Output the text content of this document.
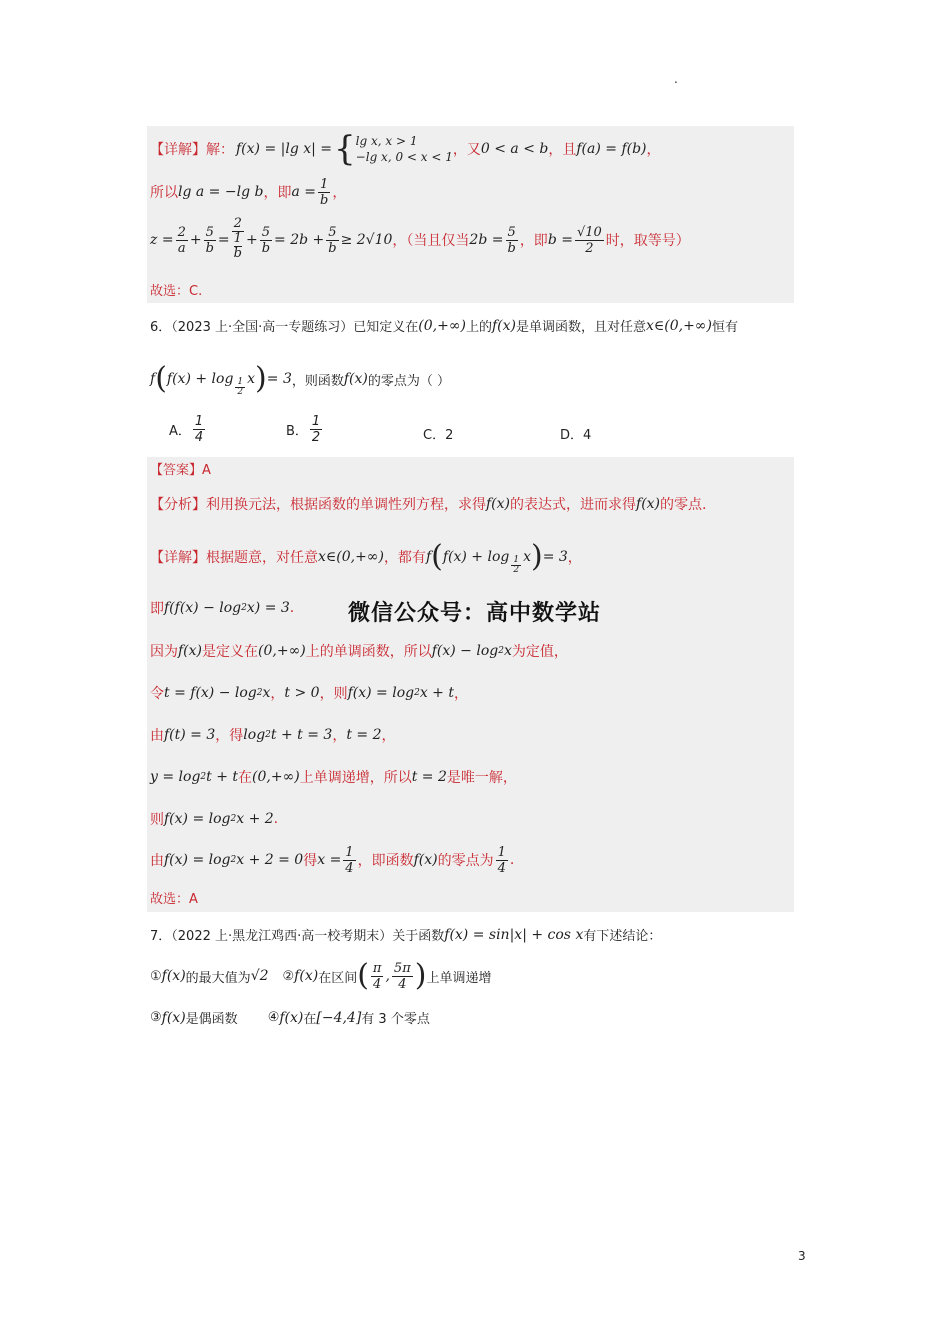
.
【详解】 解： f(x) = |lg x| = { lg x, x > 1
−lg x, 0 < x < 1 ，又 0 < a < b ，且 f(a) = f(b) ，
所以 lg a = −lg b ，即 $a = \frac{1}{b}$ ，
$z = \frac{2}{a} + \frac{5}{b} = 2$
1
$b + \frac{5}{b} = 2b + \frac{5}{b} \ge 2√10$ ，（当且仅当 $2b = \frac{5}{b}$ ，即 $b = \frac{√10}{2}$ 时，取等号）
故选：C.
6．（2023 上·全国·高一专题练习）已知定义在 (0,+∞) 上的 f(x) 是单调函数，且对任意 x∈(0,+∞) 恒有
f ( $f(x) + \log \frac{1}{2}$ x ) = 3 ，则函数 f(x) 的零点为（ ）
A． $\frac{1}{4}$	B． $\frac{1}{2}$	C．2	D．4
【答案】A
【分析】 利用换元法，根据函数的单调性列方程，求得 f(x) 的表达式，进而求得 f(x) 的零点.
【详解】 根据题意，对任意 x∈(0,+∞) ，都有 f ( $f(x) + \log \frac{1}{2}$ x ) = 3 ，
即 f(f(x) − log 2 x) = 3 . 微信公众号：高中数学站
因为 f(x) 是定义在 (0,+∞) 上的单调函数，所以 f(x) − log 2 x 为定值，
令 t = f(x) − log 2 x ， t > 0 ，则 f(x) = log 2 x + t ，
由 f(t) = 3 ，得 log 2 t + t = 3 ， t = 2 ，
y = log 2 t + t 在 (0,+∞) 上单调递增，所以 t = 2 是唯一解，
则 f(x) = log 2 x + 2 .
由 f(x) = log 2 x + 2 = 0 得 $x = \frac{1}{4}$ ，即函数 f(x) 的零点为 $\frac{1}{4}$ .
故选：A
7．（2022 上·黑龙江鸡西·高一校考期末）关于函数 f(x) = sin|x| + cos x 有下述结论：
① f(x) 的最大值为 √2 ② f(x) 在区间 ( $\frac{\pi}{4}$ , $\frac{5\pi}{4}$ ) 上单调递增
③ f(x) 是偶函数 ④ f(x) 在 [−4,4] 有 3 个零点
3
